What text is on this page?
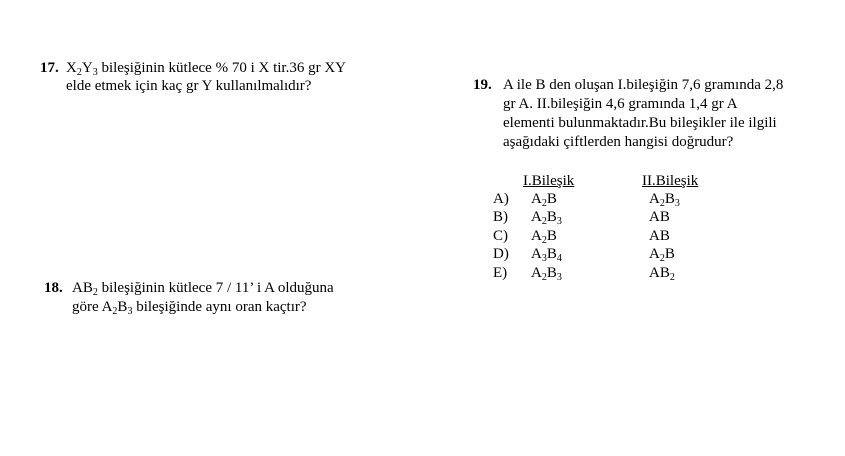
17. $X_2Y_3$ bileşiğinin kütlece % 70 i X tir.36 gr XY
elde etmek için kaç gr Y kullanılmalıdır?
18. $AB_2$ bileşiğinin kütlece 7 / 11’ i A olduğuna
göre $A_2B_3$ bileşiğinde aynı oran kaçtır?
19. A ile B den oluşan I.bileşiğin 7,6 gramında 2,8
gr A. II.bileşiğin 4,6 gramında 1,4 gr A
elementi bulunmaktadır.Bu bileşikler ile ilgili
aşağıdaki çiftlerden hangisi doğrudur?
I.Bileşik	II.Bileşik
A) $A_2B$	$A_2B_3$
B) $A_2B_3$	AB
C) $A_2B$	AB
D) $A_3B_4$	$A_2B$
E) $A_2B_3$	$AB_2$
